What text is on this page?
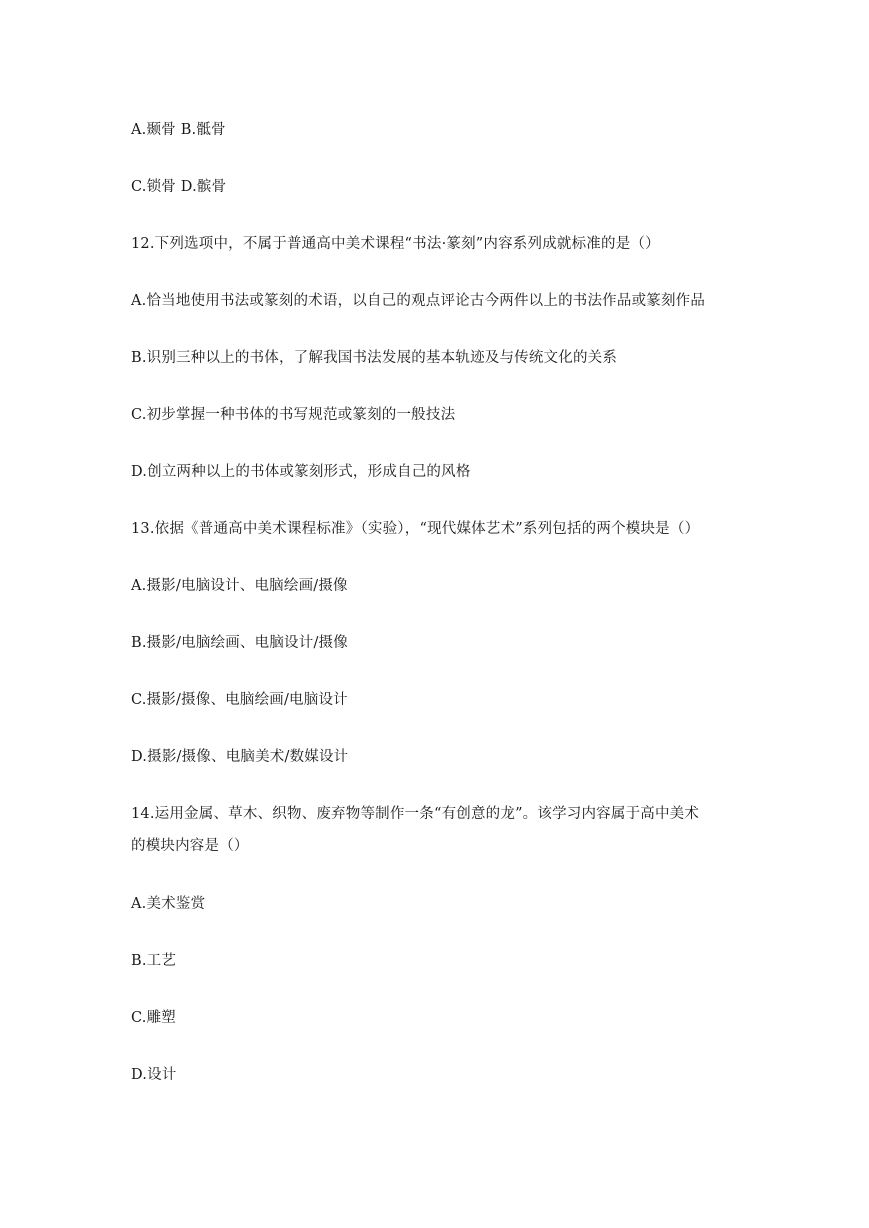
A.颞骨 B.骶骨
C.锁骨 D.髌骨
12.下列选项中，不属于普通高中美术课程“书法·篆刻”内容系列成就标准的是（）
A.恰当地使用书法或篆刻的术语，以自己的观点评论古今两件以上的书法作品或篆刻作品
B.识别三种以上的书体，了解我国书法发展的基本轨迹及与传统文化的关系
C.初步掌握一种书体的书写规范或篆刻的一般技法
D.创立两种以上的书体或篆刻形式，形成自己的风格
13.依据《普通高中美术课程标准》（实验），“现代媒体艺术”系列包括的两个模块是（）
A.摄影/电脑设计、电脑绘画/摄像
B.摄影/电脑绘画、电脑设计/摄像
C.摄影/摄像、电脑绘画/电脑设计
D.摄影/摄像、电脑美术/数媒设计
14.运用金属、草木、织物、废弃物等制作一条“有创意的龙”。该学习内容属于高中美术
的模块内容是（）
A.美术鉴赏
B.工艺
C.雕塑
D.设计
